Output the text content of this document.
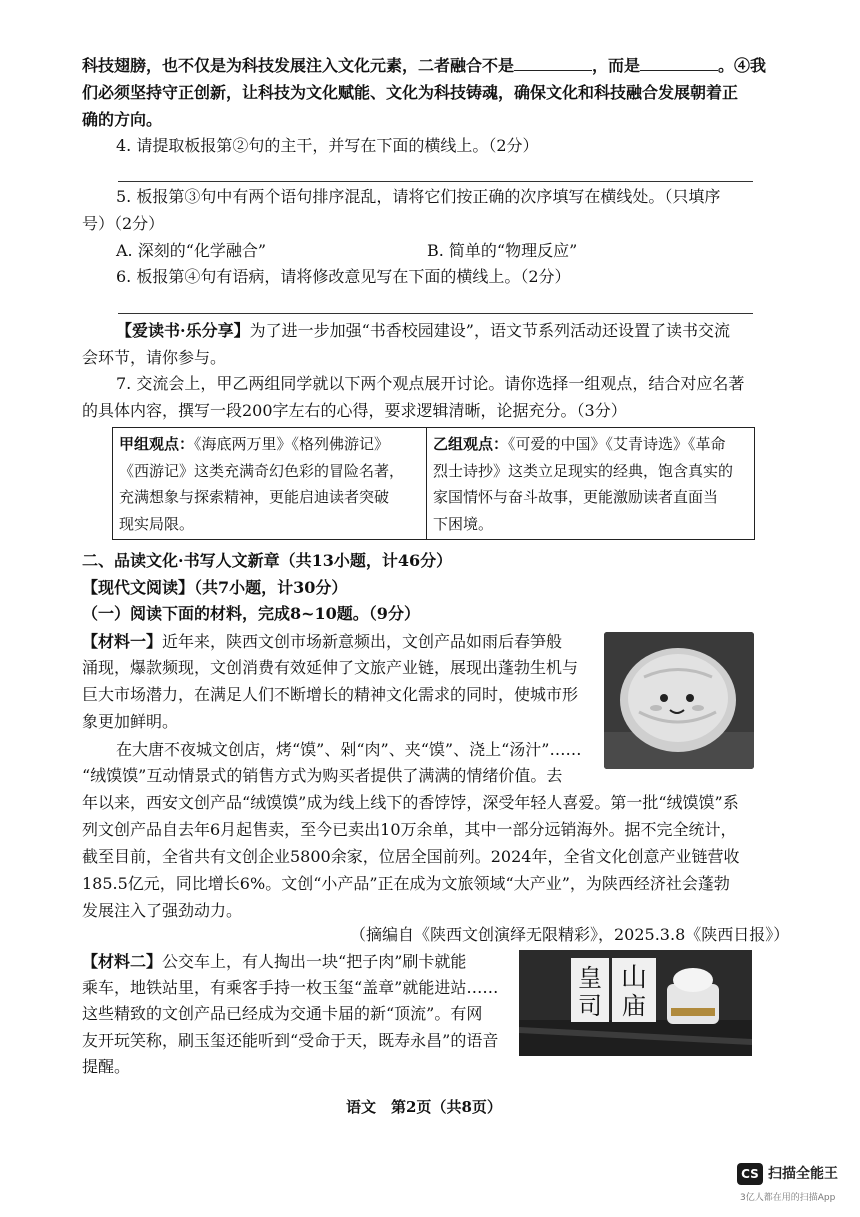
科技翅膀，也不仅是为科技发展注入文化元素，二者融合不是	，而是	。④我
们必须坚持守正创新，让科技为文化赋能、文化为科技铸魂，确保文化和科技融合发展朝着正
确的方向。
4. 请提取板报第②句的主干，并写在下面的横线上。（2分）
5. 板报第③句中有两个语句排序混乱，请将它们按正确的次序填写在横线处。（只填序
号）（2分）
A. 深刻的“化学融合”	B. 简单的“物理反应”
6. 板报第④句有语病，请将修改意见写在下面的横线上。（2分）
【爱读书·乐分享】为了进一步加强“书香校园建设”，语文节系列活动还设置了读书交流
会环节，请你参与。
7. 交流会上，甲乙两组同学就以下两个观点展开讨论。请你选择一组观点，结合对应名著
的具体内容，撰写一段200字左右的心得，要求逻辑清晰，论据充分。（3分）
甲组观点：《海底两万里》《格列佛游记》
《西游记》这类充满奇幻色彩的冒险名著，
充满想象与探索精神，更能启迪读者突破
现实局限。
乙组观点：《可爱的中国》《艾青诗选》《革命
烈士诗抄》这类立足现实的经典，饱含真实的
家国情怀与奋斗故事，更能激励读者直面当
下困境。
二、品读文化·书写人文新章（共13小题，计46分）
【现代文阅读】（共7小题，计30分）
（一）阅读下面的材料，完成8~10题。（9分）
【材料一】近年来，陕西文创市场新意频出，文创产品如雨后春笋般
涌现，爆款频现，文创消费有效延伸了文旅产业链，展现出蓬勃生机与
巨大市场潜力，在满足人们不断增长的精神文化需求的同时，使城市形
象更加鲜明。
在大唐不夜城文创店，烤“馍”、剁“肉”、夹“馍”、浇上“汤汁”……
“绒馍馍”互动情景式的销售方式为购买者提供了满满的情绪价值。去
年以来，西安文创产品“绒馍馍”成为线上线下的香饽饽，深受年轻人喜爱。第一批“绒馍馍”系
列文创产品自去年6月起售卖，至今已卖出10万余单，其中一部分远销海外。据不完全统计，
截至目前，全省共有文创企业5800余家，位居全国前列。2024年，全省文化创意产业链营收
185.5亿元，同比增长6%。文创“小产品”正在成为文旅领域“大产业”，为陕西经济社会蓬勃
发展注入了强劲动力。
（摘编自《陕西文创演绎无限精彩》，2025.3.8《陕西日报》）
【材料二】公交车上，有人掏出一块“把子肉”刷卡就能
乘车，地铁站里，有乘客手持一枚玉玺“盖章”就能进站……
这些精致的文创产品已经成为交通卡届的新“顶流”。有网
友开玩笑称，刷玉玺还能听到“受命于天，既寿永昌”的语音
提醒。
皇
司
山
庙
语文　第2页（共8页）
CS 扫描全能王
3亿人都在用的扫描App
